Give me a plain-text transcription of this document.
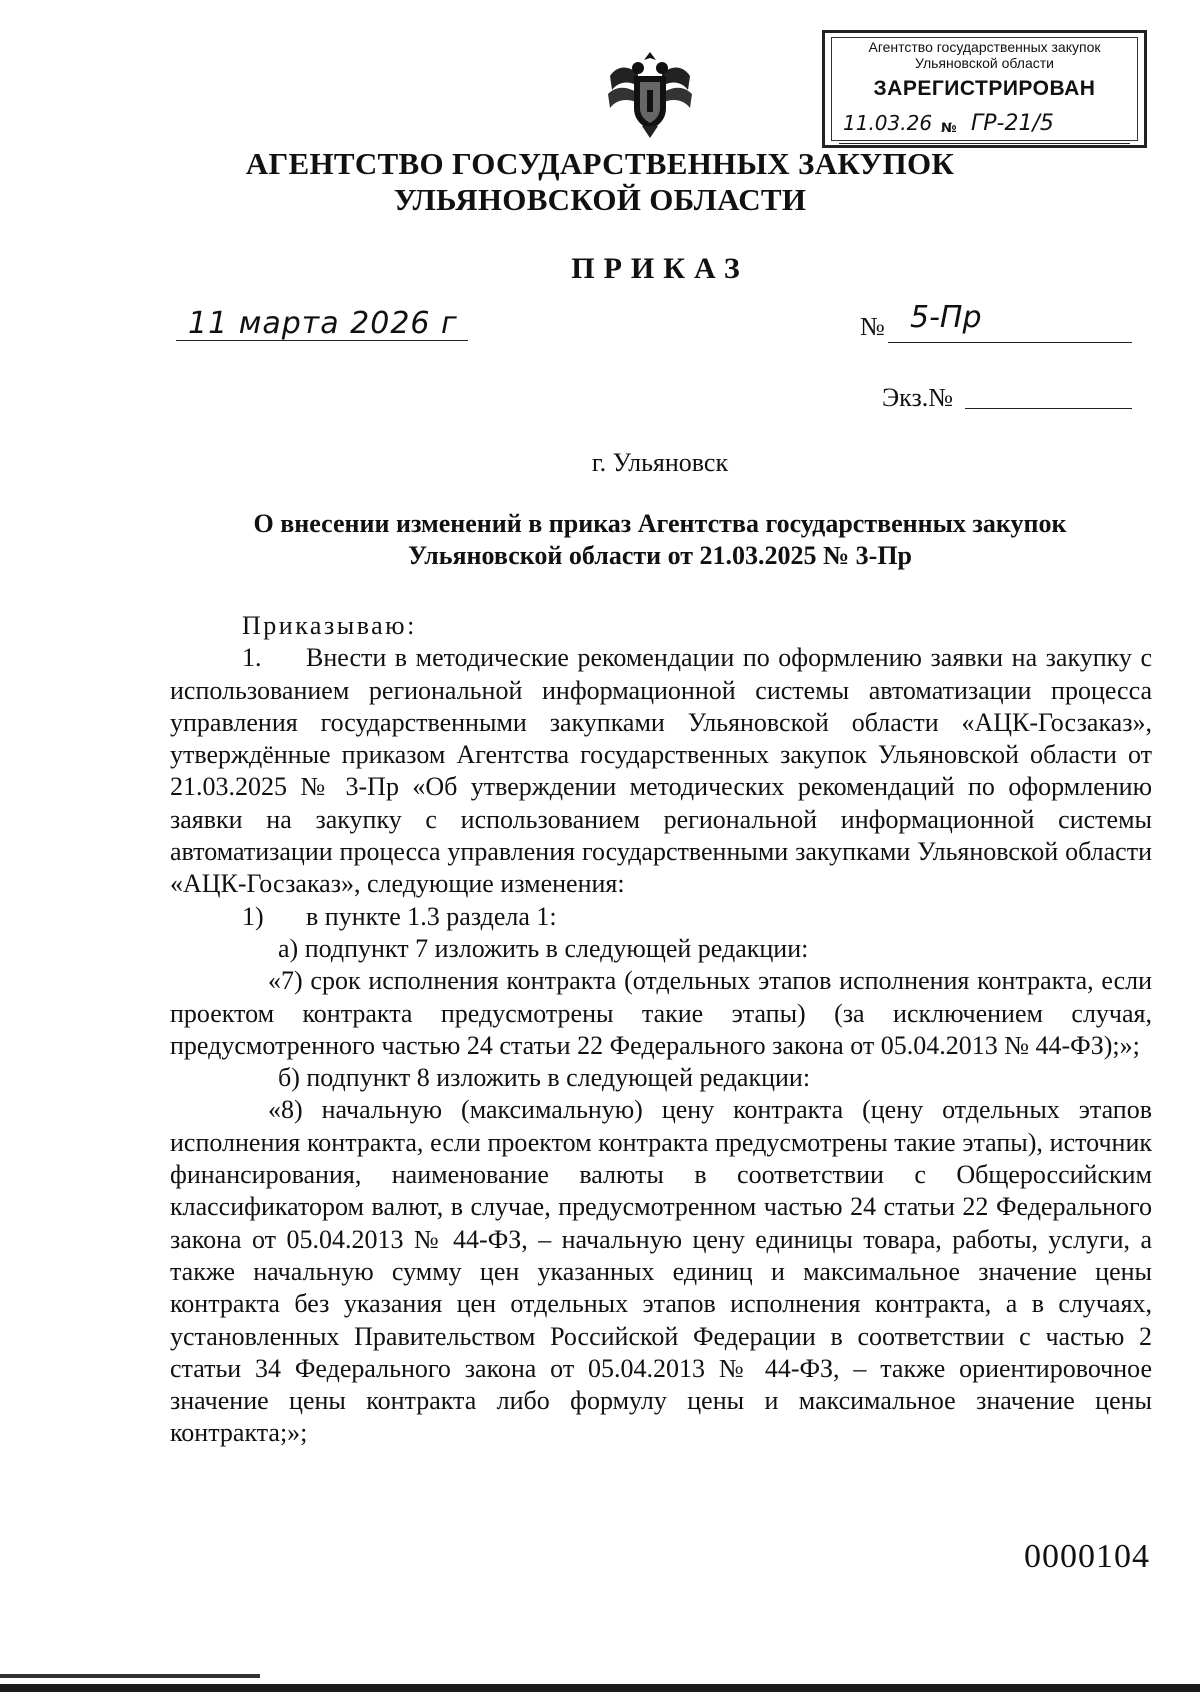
Агентство государственных закупок
Ульяновской области
ЗАРЕГИСТРИРОВАН
11.03.26 № ГР-21/5
АГЕНТСТВО ГОСУДАРСТВЕННЫХ ЗАКУПОК
УЛЬЯНОВСКОЙ ОБЛАСТИ
ПРИКАЗ
11 марта 2026 г	№ 5-Пр
Экз.№
г. Ульяновск
О внесении изменений в приказ Агентства государственных закупок
Ульяновской области от 21.03.2025 № 3-Пр

Приказываю:

1. Внести в методические рекомендации по оформлению заявки на закупку с использованием региональной информационной системы автоматизации процесса управления государственными закупками Ульяновской области «АЦК-Госзаказ», утверждённые приказом Агентства государственных закупок Ульяновской области от 21.03.2025 № 3-Пр «Об утверждении методических рекомендаций по оформлению заявки на закупку с использованием региональной информационной системы автоматизации процесса управления государственными закупками Ульяновской области «АЦК-Госзаказ», следующие изменения:

1) в пункте 1.3 раздела 1:

а) подпункт 7 изложить в следующей редакции:

«7) срок исполнения контракта (отдельных этапов исполнения контракта, если проектом контракта предусмотрены такие этапы) (за исключением случая, предусмотренного частью 24 статьи 22 Федерального закона от 05.04.2013 № 44-ФЗ);»;

б) подпункт 8 изложить в следующей редакции:

«8) начальную (максимальную) цену контракта (цену отдельных этапов исполнения контракта, если проектом контракта предусмотрены такие этапы), источник финансирования, наименование валюты в соответствии с Общероссийским классификатором валют, в случае, предусмотренном частью 24 статьи 22 Федерального закона от 05.04.2013 № 44-ФЗ, – начальную цену единицы товара, работы, услуги, а также начальную сумму цен указанных единиц и максимальное значение цены контракта без указания цен отдельных этапов исполнения контракта, а в случаях, установленных Правительством Российской Федерации в соответствии с частью 2 статьи 34 Федерального закона от 05.04.2013 № 44-ФЗ, – также ориентировочное значение цены контракта либо формулу цены и максимальное значение цены контракта;»;

0000104
